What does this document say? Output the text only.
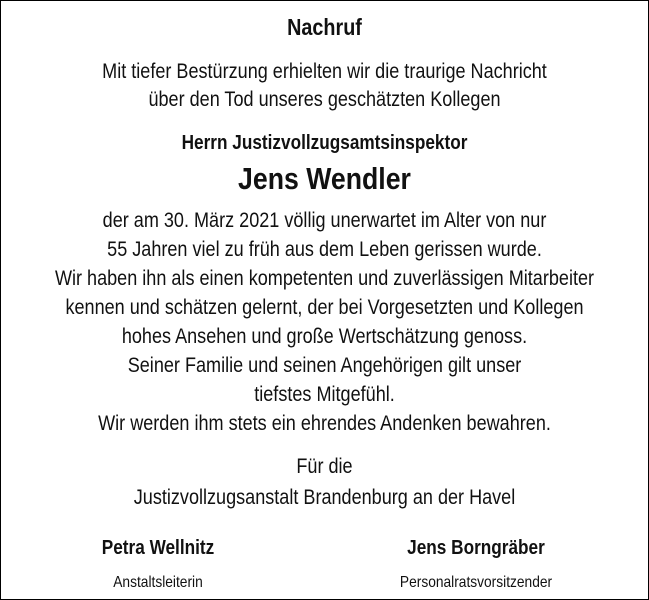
Nachruf
Mit tiefer Bestürzung erhielten wir die traurige Nachricht
über den Tod unseres geschätzten Kollegen
Herrn Justizvollzugsamtsinspektor
Jens Wendler
der am 30. März 2021 völlig unerwartet im Alter von nur
55 Jahren viel zu früh aus dem Leben gerissen wurde.
Wir haben ihn als einen kompetenten und zuverlässigen Mitarbeiter
kennen und schätzen gelernt, der bei Vorgesetzten und Kollegen
hohes Ansehen und große Wertschätzung genoss.
Seiner Familie und seinen Angehörigen gilt unser
tiefstes Mitgefühl.
Wir werden ihm stets ein ehrendes Andenken bewahren.
Für die
Justizvollzugsanstalt Brandenburg an der Havel
Petra Wellnitz
Anstaltsleiterin
Jens Borngräber
Personalratsvorsitzender
